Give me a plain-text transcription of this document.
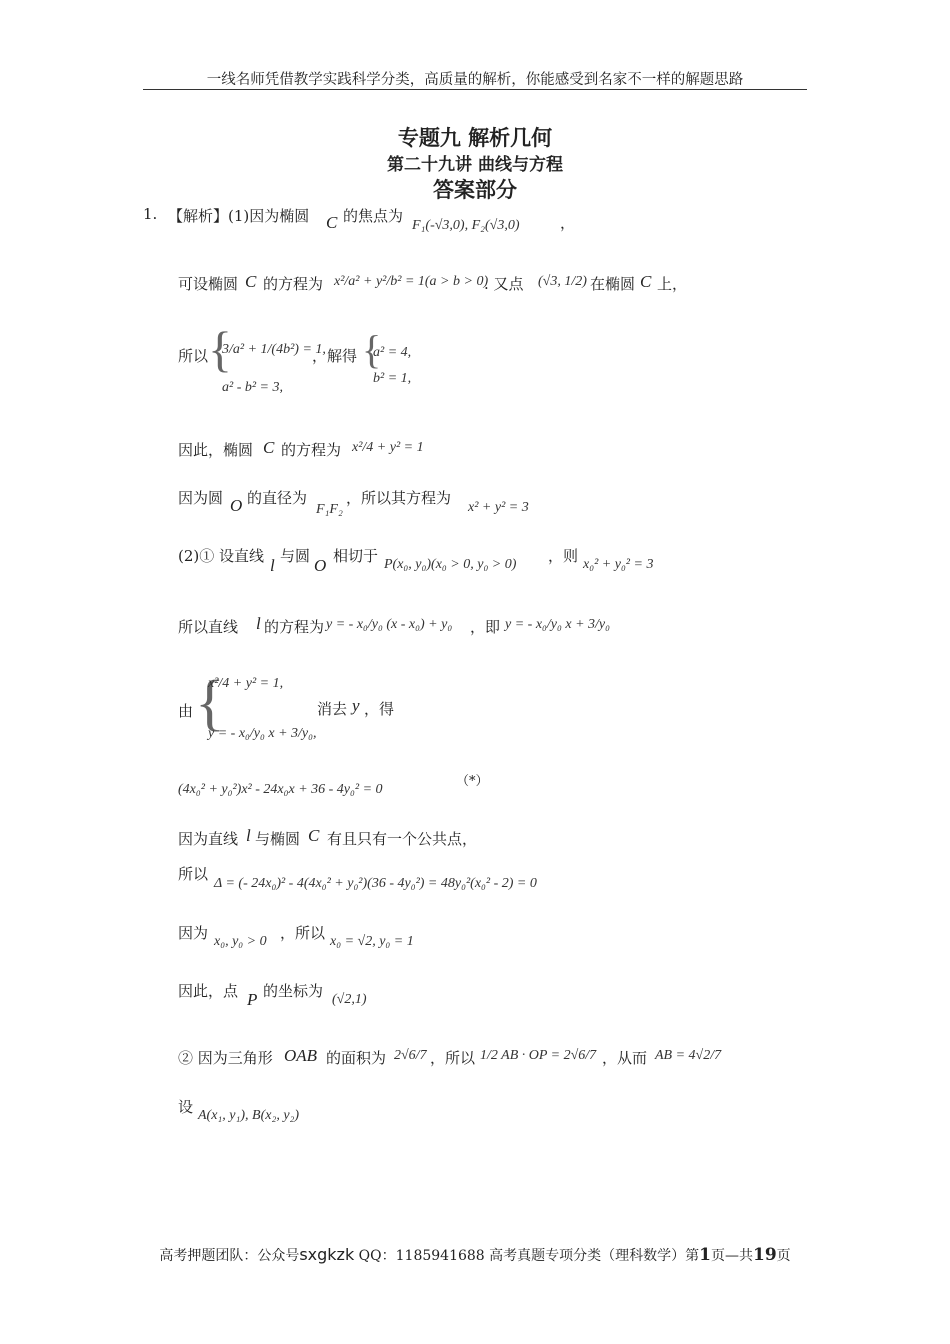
一线名师凭借教学实践科学分类，高质量的解析，你能感受到名家不一样的解题思路
专题九 解析几何
第二十九讲 曲线与方程
答案部分
1. 【解析】(1)因为椭圆 C 的焦点为
F₁(-√3,0), F₂(√3,0)	，
可设椭圆 C 的方程为 x²/a² + y²/b² = 1(a > b > 0)
. 又点 (√3, 1/2) 在椭圆 C 上，
所以 {
3/a² + 1/(4b²) = 1,
a² - b² = 3,
，解得 {
a² = 4,
b² = 1,
因此，椭圆 C 的方程为 x²/4 + y² = 1
因为圆 O 的直径为
F₁F₂
，所以其方程为
x² + y² = 3
(2)① 设直线 l 与圆 O 相切于 P(x₀, y₀)(x₀ > 0, y₀ > 0) ，则 x₀² + y₀² = 3
所以直线 l 的方程为 y = - x₀/y₀ (x - x₀) + y₀ ，即 y = - x₀/y₀ x + 3/y₀
由 {
x²/4 + y² = 1,
y = - x₀/y₀ x + 3/y₀,
消去 y ，得
(4x₀² + y₀²)x² - 24x₀x + 36 - 4y₀² = 0
（*）
因为直线 l 与椭圆 C 有且只有一个公共点，
所以
Δ = (- 24x₀)² - 4(4x₀² + y₀²)(36 - 4y₀²) = 48y₀²(x₀² - 2) = 0
因为 x₀, y₀ > 0 ，所以 x₀ = √2, y₀ = 1
因此，点 P 的坐标为 (√2,1)
② 因为三角形 OAB 的面积为 2√6/7 ，所以 1/2 AB · OP = 2√6/7 ，从而 AB = 4√2/7
设 A(x₁, y₁), B(x₂, y₂)
高考押题团队：公众号sxgkzk QQ：1185941688 高考真题专项分类（理科数学）第1页—共19页
